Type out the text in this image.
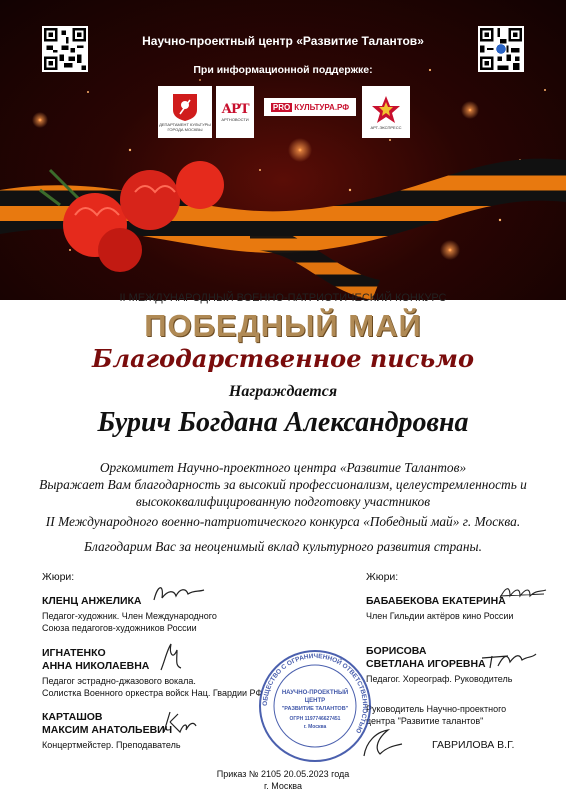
Научно-проектный центр «Развитие Талантов»
При информационной поддержке:
ДЕПАРТАМЕНТ КУЛЬТУРЫ ГОРОДА МОСКВЫ
АРТ
АРТНОВОСТИ
PRO КУЛЬТУРА.РФ
АРТ-ЭКСПРЕСС
II МЕЖДУНАРОДНЫЙ ВОЕННО-ПАТРИОТИЧЕСКИЙ КОНКУРС
ПОБЕДНЫЙ МАЙ
Благодарственное письмо
Награждается
Бурич Богдана Александровна
Оргкомитет Научно-проектного центра «Развитие Талантов»
Выражает Вам благодарность за высокий профессионализм, целеустремленность и
высококвалифицированную подготовку участников
II Международного военно-патриотического конкурса «Победный май» г. Москва.
Благодарим Вас за неоценимый вклад культурного развития страны.
Жюри:
КЛЕНЦ АНЖЕЛИКА
Педагог-художник. Член Международного
Союза педагогов-художников России
ИГНАТЕНКО
АННА НИКОЛАЕВНА
Педагог эстрадно-джазового вокала.
Солистка Военного оркестра войск Нац. Гвардии РФ
КАРТАШОВ
МАКСИМ АНАТОЛЬЕВИЧ
Концертмейстер. Преподаватель
Жюри:
БАБАБЕКОВА ЕКАТЕРИНА
Член Гильдии актёров кино России
БОРИСОВА
СВЕТЛАНА ИГОРЕВНА
Педагог. Хореограф. Руководитель
Руководитель Научно-проектного
центра "Развитие талантов"
ГАВРИЛОВА В.Г.
ОБЩЕСТВО С ОГРАНИЧЕННОЙ ОТВЕТСТВЕННОСТЬЮ
НАУЧНО-ПРОЕКТНЫЙ
ЦЕНТР
"РАЗВИТИЕ ТАЛАНТОВ"
ОГРН 1197746627451
г. Москва
Приказ № 2105 20.05.2023 года
г. Москва
